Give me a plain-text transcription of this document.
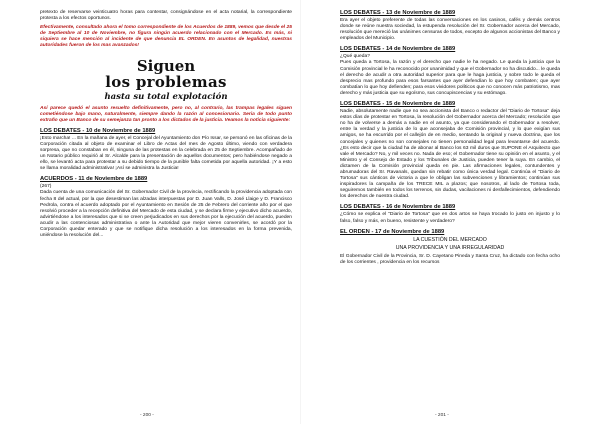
pretexto de reservarse veinticuatro horas para contestar, consignándose en el acta notarial, la correspondiente protesta a los efectos oportunos.

Efectivamente, consultado ahora el tomo correspondiente de los Acuerdos de 1889, vemos que desde el 25 de Septiembre al 10 de Noviembre, no figura ningún acuerdo relacionado con el Mercado. Es más, ni siquiera se hace mención al incidente de que denuncia EL ORDEN. En asuntos de legalidad, nuestras autoridades fueron de los mas avanzados!

Siguen
los problemas
hasta su total explotación

Así parece quedó el asunto resuelto definitivamente, pero no, al contrario, las trampas legales siguen cometiéndose bajo mano, naturalmente, siempre dando la razón al concesionario. Seria de todo punto extraño que un Banco de su semejanza tan pronto a los dictados de la justicia. Veamos la noticia siguiente:

LOS DEBATES - 10 de Noviembre de 1889

¡Esto marcha! ... En la mañana de ayer, el Concejal del Ayuntamiento don Pío Issar, se personó en las oficinas de la Corporación citada al objeto de examinar el Libro de Actas del mes de Agosto último, viendo con verdadera sorpresa, que no constaban en él, ninguna de las protestas en la celebrada en 25 de Septiembre. Acompañado de un Notario público requirió al Sr. Alcalde para la presentación de aquellos documentos; pero habiéndose negado a ello, se levantó acta para protestar a su debido tiempo de la punible falta cometida por aquella autoridad. ¡Y a esto se llama moralidad administrativa! ¡Así se administra la Justicia!

ACUERDOS - 11 de Noviembre de 1889

(267)

Dada cuenta de una comunicación del Sr. Gobernador Civil de la provincia, rectificando la providencia adoptada con fecha 8 del actual, por la que desestiman las alzadas interpuestas por D. Juan Valls, D. José Llaige y D. Francisco Pedrola, contra el acuerdo adoptado por el Ayuntamiento en Sesión de 25 de Febrero del corriente año por el que resolvió proceder a la recepción definitiva del Mercado de esta ciudad, y se declara firme y ejecutivo dicho acuerdo, advirtiéndose a los interesados que si se creen perjudicados en sus derechos por la ejecución del acuerdo, pueden acudir a las contenciosas administrativa o ante la Autoridad que mejor vieren convenirles, se acordó por la Corporación quedar enterado y que se notifique dicha resolución a los interesados en la forma prevenida, uniéndose la resolución del...

- 200 -
LOS DEBATES - 13 de Noviembre de 1889

Era ayer el objeto preferente de todas las conversaciones en los casinos, cafés y demás centros donde se reúne nuestra sociedad, la estupenda resolución del Sr. Gobernador acerca del Mercado, resolución que mereció las unánimes censuras de todos, excepto de algunos accionistas del Banco y empleados del Municipio.

LOS DEBATES - 14 de Noviembre de 1889

¿Qué queda?

Pues queda a Tortosa, la razón y el derecho que nadie le ha negado. Le queda la justicia que la Comisión provincial le ha reconocido por unanimidad y que el Gobernador no ha discutido... le queda el derecho de acudir a otra autoridad superior para que le haga justicia, y sobre todo le queda el desprecio mas profundo para esos farsantes que ayer defendían lo que hoy combaten; que ayer combatían lo que hoy defienden; para esos vividores políticos que no conocen más patriotismo, mas derecho y más justicia que su egoísmo, sus concupiscencias y su estómago.

LOS DEBATES - 15 de Noviembre de 1889

Nadie, absolutamente nadie que no sea accionista del Banco o redactor del "Diario de Tortosa" deja estos días de protestar en Tortosa, la resolución del Gobernador acerca del Mercado; resolución que no ha de volverse a demás a nadie en el asunto, ya que considerando el Gobernador a resolver, entre la verdad y la justicia de lo que aconsejaba de Comisión provincial, y lo que exigían sus amigos, se ha escurrido por el callejón de en medio, sentando la original y nueva doctrina, que los concejales y quienes no son consejales no tienen personalidad legal para levantarse del acuerdo. ¿Es esto decir que la ciudad ha de abonar al Banco los 63 mil duros que SUPONE el Arquitecto que vale el Mercado? No, y mil veces no. Nada de eso; el Gobernador tiene su opinión en el asunto, y el Ministro y el Consejo de Estado y los Tribunales de Justicia, pueden tener la suya. En cambio, el dictamen de la Comisión provincial queda en pie. Las afirmaciones legales, contundentes y abrumadoras del Sr. Ravanals, quedan sin rebatir como única verdad legal. Continúa el "Diario de Tortosa" sus cánticos de victoria a que le obligan las subvenciones y libramientos; continúan sus inspiradores la campaña de los TRECE MIL a plazos; que nosotros, al lado de Tortosa toda, seguiremos también en todos los terrenos, sin dudas, vacilaciones ni desfallecimientos, defendiendo los derechos de nuestra ciudad.

LOS DEBATES - 16 de Noviembre de 1889

¿Cómo se explica el "Diario de Tortosa" que en dos artos se haya trocado lo justo en injusto y lo falso, falso y más, en bueno, resistente y verdadero?

EL ORDEN - 17 de Noviembre de 1889

LA CUESTIÓN DEL MERCADO

UNA PROVIDENCIA Y UNA IRREGULARIDAD

El Gobernador Civil de la Provincia, Sr. D. Cayetano Pineda y Santa Cruz, ha dictado con fecha ocho de los corrientes , providencia en los recursos

- 201 -
